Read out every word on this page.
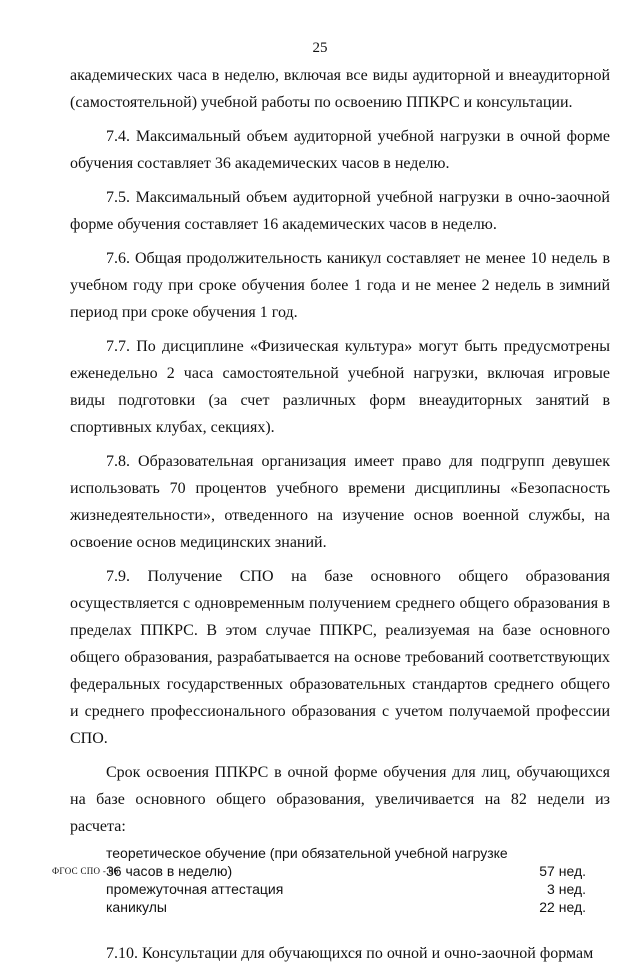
25

академических часа в неделю, включая все виды аудиторной и внеаудиторной (самостоятельной) учебной работы по освоению ППКРС и консультации.

7.4. Максимальный объем аудиторной учебной нагрузки в очной форме обучения составляет 36 академических часов в неделю.

7.5. Максимальный объем аудиторной учебной нагрузки в очно-заочной форме обучения составляет 16 академических часов в неделю.

7.6. Общая продолжительность каникул составляет не менее 10 недель в учебном году при сроке обучения более 1 года и не менее 2 недель в зимний период при сроке обучения 1 год.

7.7. По дисциплине «Физическая культура» могут быть предусмотрены еженедельно 2 часа самостоятельной учебной нагрузки, включая игровые виды подготовки (за счет различных форм внеаудиторных занятий в спортивных клубах, секциях).

7.8. Образовательная организация имеет право для подгрупп девушек использовать 70 процентов учебного времени дисциплины «Безопасность жизнедеятельности», отведенного на изучение основ военной службы, на освоение основ медицинских знаний.

7.9. Получение СПО на базе основного общего образования осуществляется с одновременным получением среднего общего образования в пределах ППКРС. В этом случае ППКРС, реализуемая на базе основного общего образования, разрабатывается на основе требований соответствующих федеральных государственных образовательных стандартов среднего общего и среднего профессионального образования с учетом получаемой профессии СПО.

Срок освоения ППКРС в очной форме обучения для лиц, обучающихся на базе основного общего образования, увеличивается на 82 недели из расчета:

теоретическое обучение (при обязательной учебной нагрузке 36 часов в неделю)	57 нед.
промежуточная аттестация	3 нед.
каникулы	22 нед.

7.10. Консультации для обучающихся по очной и очно-заочной формам

ФГОС СПО - 06
